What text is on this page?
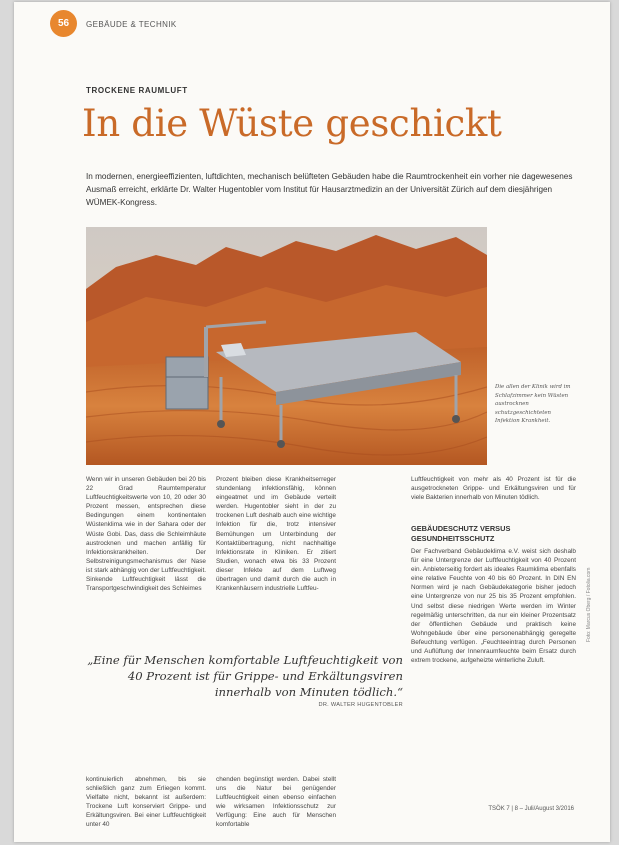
56	GEBÄUDE & TECHNIK
TROCKENE RAUMLUFT
In die Wüste geschickt
In modernen, energieeffizienten, luftdichten, mechanisch belüfteten Gebäuden habe die Raumtrockenheit ein vorher nie dagewesenes Ausmaß erreicht, erklärte Dr. Walter Hugentobler vom Institut für Hausarztmedizin an der Universität Zürich auf dem diesjährigen WÜMEK-Kongress.
Die allen der Klinik wird im Schlafzimmer kein Wüsten austrocknen schutzgeschichteten Infektion Krankheit.
Wenn wir in unseren Gebäuden bei 20 bis 22 Grad Raumtemperatur Luftfeuchtigkeitswerte von 10, 20 oder 30 Prozent messen, entsprechen diese Bedingungen einem kontinentalen Wüstenklima wie in der Sahara oder der Wüste Gobi. Das, dass die Schleimhäute austrocknen und machen anfällig für Infektionskrankheiten. Der Selbstreinigungsmechanismus der Nase ist stark abhängig von der Luftfeuchtigkeit. Sinkende Luftfeuchtigkeit lässt die Transportgeschwindigkeit des Schleimes
Prozent bleiben diese Krankheitserreger stundenlang infektionsfähig, können eingeatmet und im Gebäude verteilt werden. Hugentobler sieht in der zu trockenen Luft deshalb auch eine wichtige Infektion für die, trotz intensiver Bemühungen um Unterbindung der Kontaktübertragung, nicht nachhaltige Infektionsrate in Kliniken. Er zitiert Studien, wonach etwa bis 33 Prozent dieser Infekte auf dem Luftweg übertragen und damit durch die auch in Krankenhäusern industrielle Luftfeu-
Luftfeuchtigkeit von mehr als 40 Prozent ist für die ausgetrockneten Grippe- und Erkältungsviren und für viele Bakterien innerhalb von Minuten tödlich.
GEBÄUDESCHUTZ VERSUS GESUNDHEITSSCHUTZ
Der Fachverband Gebäudeklima e.V. weist sich deshalb für eine Untergrenze der Luftfeuchtigkeit von 40 Prozent ein. Anbieterseitig fordert als ideales Raumklima ebenfalls eine relative Feuchte von 40 bis 60 Prozent. In DIN EN Normen wird je nach Gebäudekategorie bisher jedoch eine Untergrenze von nur 25 bis 35 Prozent empfohlen. Und selbst diese niedrigen Werte werden im Winter regelmäßig unterschritten, da nur ein kleiner Prozentsatz der öffentlichen Gebäude und praktisch keine Wohngebäude über eine personenabhängig geregelte Befeuchtung verfügen. „Feuchteeintrag durch Personen und Auflüftung der Innenraumfeuchte beim Ersatz durch extrem trockene, aufgeheizte winterliche Zuluft.
„Eine für Menschen komfortable Luftfeuchtigkeit von 40 Prozent ist für Grippe- und Erkältungsviren innerhalb von Minuten tödlich.“
DR. WALTER HUGENTOBLER
kontinuierlich abnehmen, bis sie schließlich ganz zum Erliegen kommt. Vielfalte nicht, bekannt ist außerdem: Trockene Luft konserviert Grippe- und Erkältungsviren. Bei einer Luftfeuchtigkeit unter 40
chenden begünstigt werden. Dabei stellt uns die Natur bei genügender Luftfeuchtigkeit einen ebenso einfachen wie wirksamen Infektionsschutz zur Verfügung: Eine auch für Menschen komfortable
Foto: Marcus Oberg / Fotolia.com
TSÖK 7 | 8 – Juli/August 3/2016
